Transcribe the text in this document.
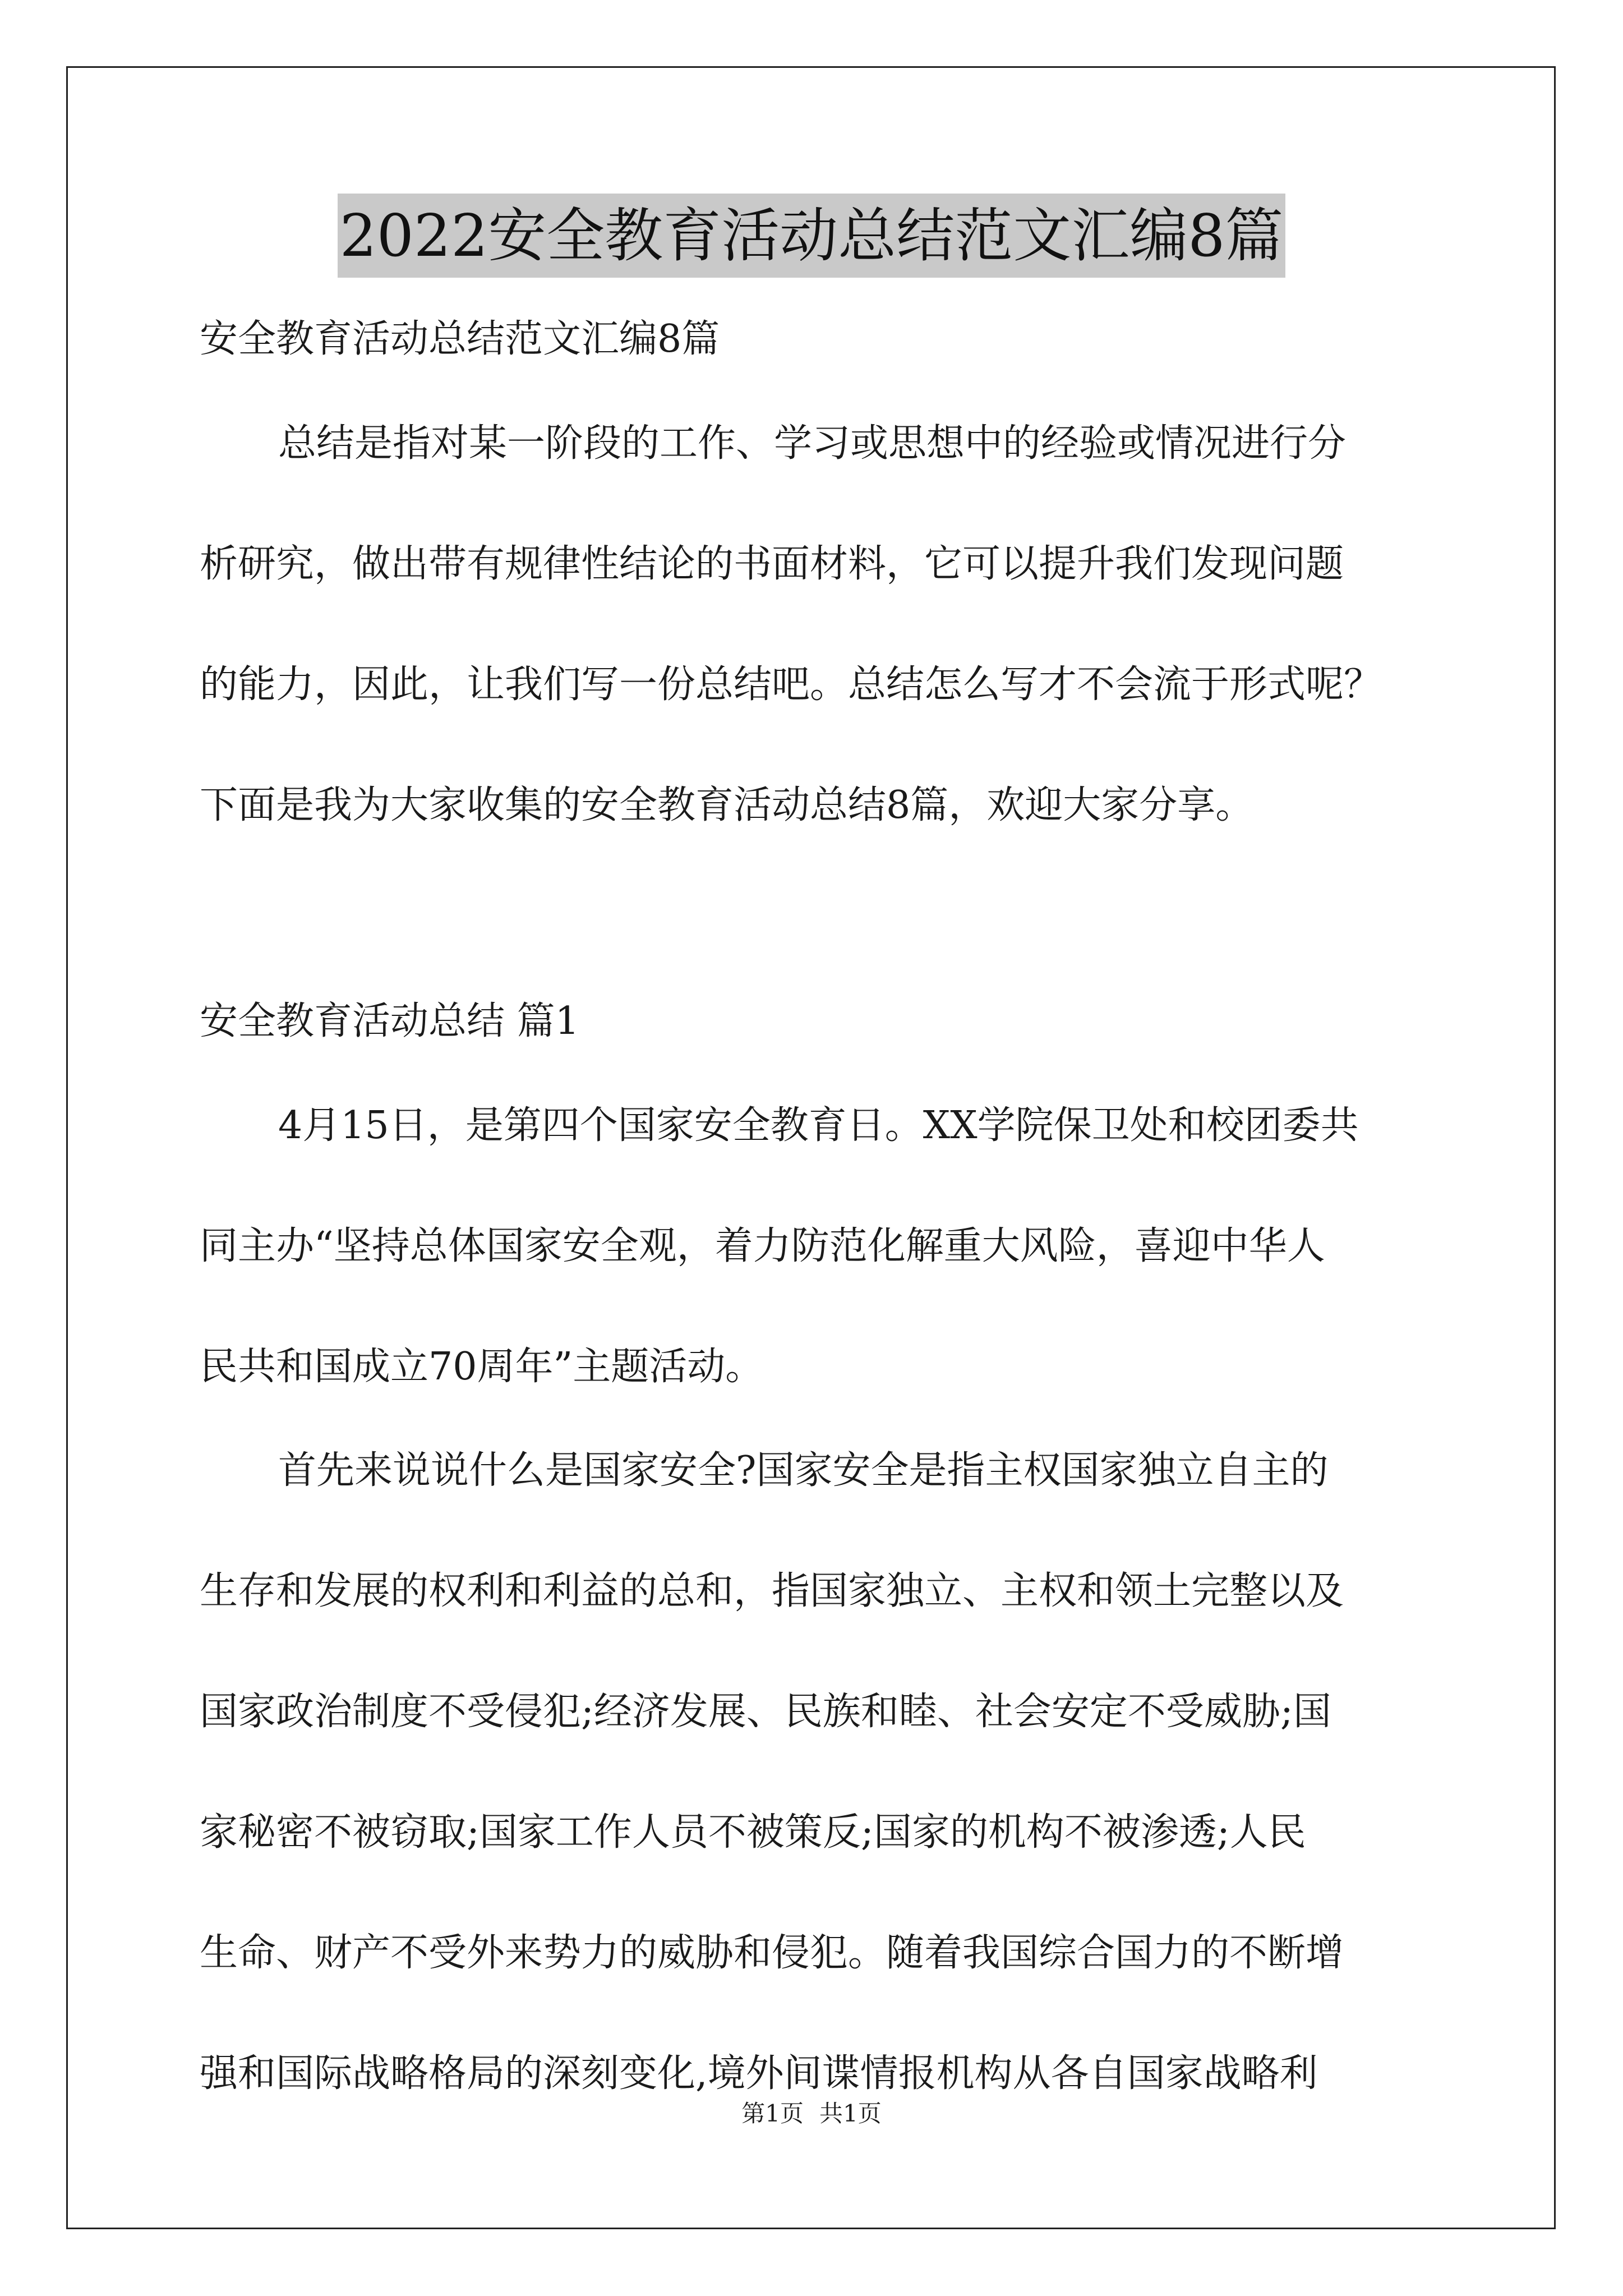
2022安全教育活动总结范文汇编8篇
安全教育活动总结范文汇编8篇
总结是指对某一阶段的工作、学习或思想中的经验或情况进行分
析研究，做出带有规律性结论的书面材料，它可以提升我们发现问题
的能力，因此，让我们写一份总结吧。总结怎么写才不会流于形式呢？
下面是我为大家收集的安全教育活动总结8篇，欢迎大家分享。
安全教育活动总结 篇1
4月15日，是第四个国家安全教育日。XX学院保卫处和校团委共
同主办“坚持总体国家安全观，着力防范化解重大风险，喜迎中华人
民共和国成立70周年”主题活动。
首先来说说什么是国家安全?国家安全是指主权国家独立自主的
生存和发展的权利和利益的总和，指国家独立、主权和领土完整以及
国家政治制度不受侵犯;经济发展、民族和睦、社会安定不受威胁;国
家秘密不被窃取;国家工作人员不被策反;国家的机构不被渗透;人民
生命、财产不受外来势力的威胁和侵犯。随着我国综合国力的不断增
强和国际战略格局的深刻变化,境外间谍情报机构从各自国家战略利
第1页 共1页
